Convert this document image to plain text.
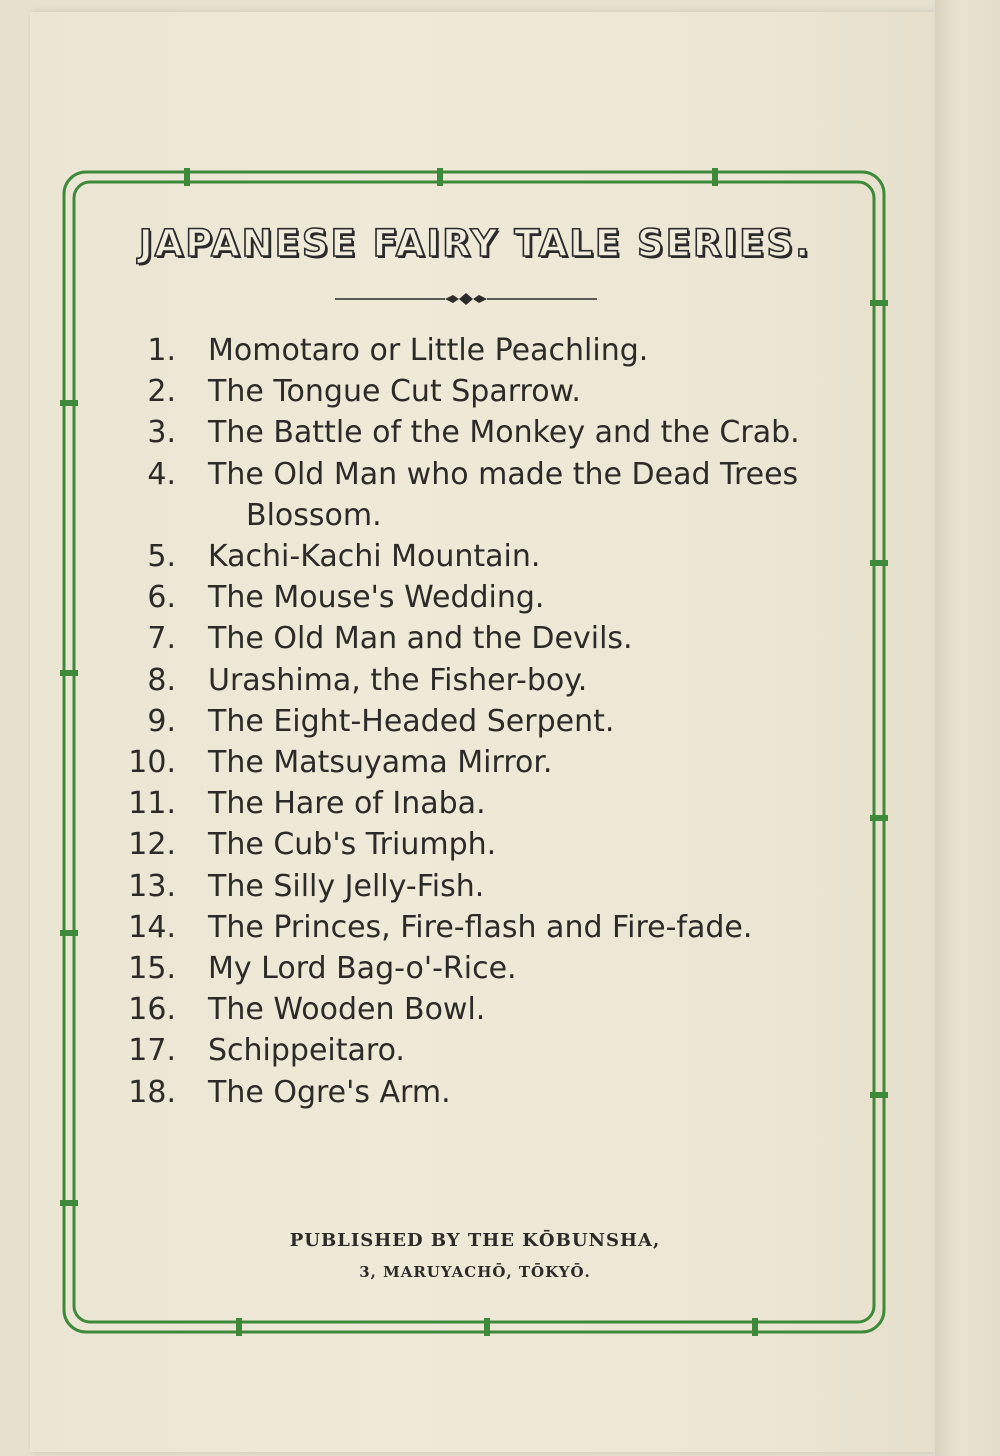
JAPANESE FAIRY TALE SERIES.
1. Momotaro or Little Peachling.
2. The Tongue Cut Sparrow.
3. The Battle of the Monkey and the Crab.
4. The Old Man who made the Dead Trees Blossom.
5. Kachi-Kachi Mountain.
6. The Mouse's Wedding.
7. The Old Man and the Devils.
8. Urashima, the Fisher-boy.
9. The Eight-Headed Serpent.
10. The Matsuyama Mirror.
11. The Hare of Inaba.
12. The Cub's Triumph.
13. The Silly Jelly-Fish.
14. The Princes, Fire-flash and Fire-fade.
15. My Lord Bag-o'-Rice.
16. The Wooden Bowl.
17. Schippeitaro.
18. The Ogre's Arm.
PUBLISHED BY THE KŌBUNSHA,
3, MARUYACHŌ, TŌKYŌ.
